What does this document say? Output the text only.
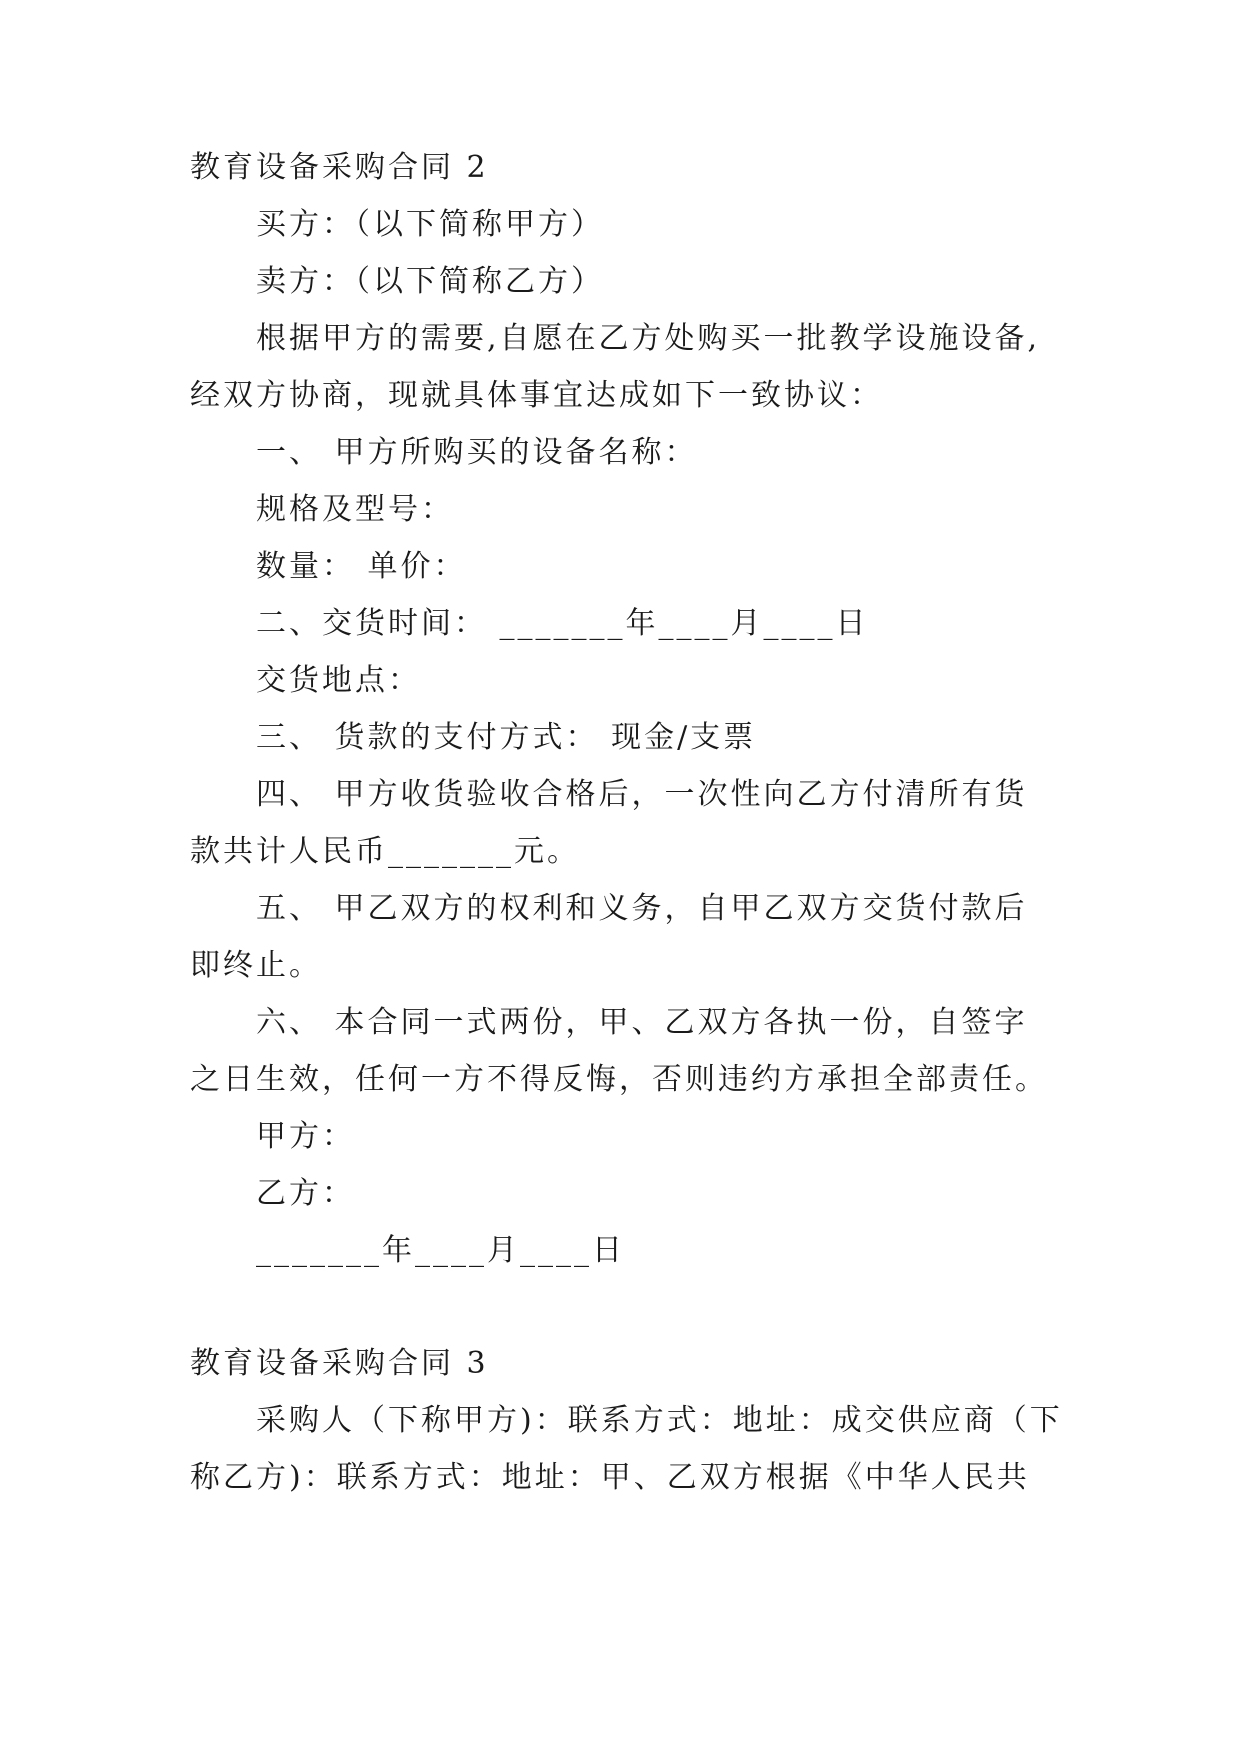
教育设备采购合同 2
买方：（以下简称甲方）
卖方：（以下简称乙方）
根据甲方的需要,自愿在乙方处购买一批教学设施设备,
经双方协商，现就具体事宜达成如下一致协议：
一、 甲方所购买的设备名称：
规格及型号：
数量： 单价：
二、交货时间： _______年____月____日
交货地点：
三、 货款的支付方式： 现金/支票
四、 甲方收货验收合格后，一次性向乙方付清所有货
款共计人民币_______元。
五、 甲乙双方的权利和义务，自甲乙双方交货付款后
即终止。
六、 本合同一式两份，甲、乙双方各执一份，自签字
之日生效，任何一方不得反悔，否则违约方承担全部责任。
甲方：
乙方：
_______年____月____日
教育设备采购合同 3
采购人（下称甲方)：联系方式：地址：成交供应商（下
称乙方)：联系方式：地址：甲、乙双方根据《中华人民共
